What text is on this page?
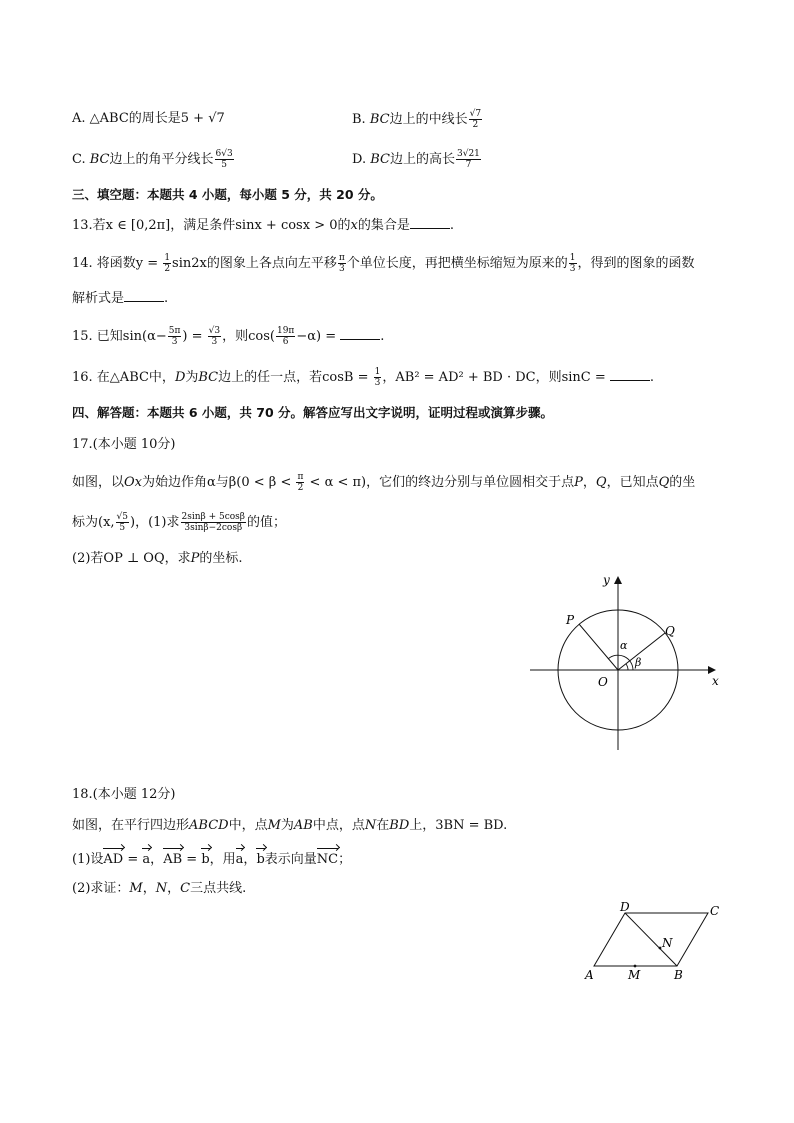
A. △ABC的周长是5 + √7	B. BC边上的中线长 $\frac{√7}{2}$
C. BC边上的角平分线长 $\frac{6√3}{5}$	D. BC边上的高长 $\frac{3√21}{7}$
三、填空题：本题共 4 小题，每小题 5 分，共 20 分。
13.若x ∈ [0,2π]，满足条件sinx + cosx > 0的x的集合是	.
14. 将函数$y = \frac{1}{2} \sin 2x$的图象上各点向左平移 $\frac{\pi}{3}$ 个单位长度，再把横坐标缩短为原来的 $\frac{1}{3}$ ，得到的图象的函数
解析式是	.
15. 已知$\sin(\alpha- \frac{5\pi}{3}$ ) = $\frac{√3}{3}$ ，则$\cos( \frac{19\pi}{6} -\alpha)$ =	.
16. 在△ABC中，D为BC边上的任一点，若$\cos B = \frac{1}{3}$ ，AB² = AD² + BD · DC，则sinC =	.
四、解答题：本题共 6 小题，共 70 分。解答应写出文字说明，证明过程或演算步骤。
17.(本小题 10分)
如图，以Ox为始边作角α与$\beta(0 < \beta < \frac{\pi}{2} < \alpha < \pi)$，它们的终边分别与单位圆相交于点P，Q，已知点Q的坐
标为(x, $\frac{√5}{5}$ )，(1)求 $\frac{2\sin\beta + 5\cos\beta}{3\sin\beta-2\cos\beta}$ 的值；
(2)若OP ⊥ OQ，求P的坐标.
y
x
O
P
Q
α
β
18.(本小题 12分)
如图，在平行四边形ABCD中，点M为AB中点，点N在BD上，3BN = BD.
(1)设AD = a，AB = b，用a，b表示向量NC；
(2)求证：M，N，C三点共线.
A	B
C
D
M
N
